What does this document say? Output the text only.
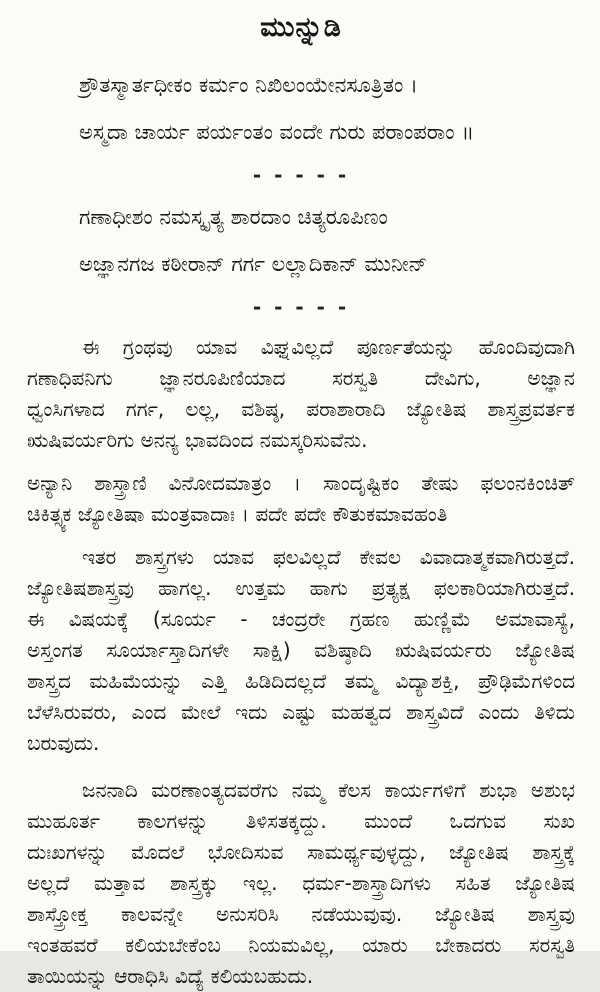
ಮುನ್ನುಡಿ
ಶ್ರೌತಸ್ಮಾರ್ತಧೀಕಂ ಕರ್ಮಂ ನಿಖಿಲಂಯೇನಸೂತ್ರಿತಂ ।
ಅಸ್ಮದಾ ಚಾರ್ಯ ಪರ್ಯಂತಂ ವಂದೇ ಗುರು ಪರಾಂಪರಾಂ ॥
- - - - -
ಗಣಾಧೀಶಂ ನಮಸ್ಕೃತ್ಯ ಶಾರದಾಂ ಚಿತ್ಯರೂಪಿಣಂ
ಅಜ್ಞಾನಗಜ ಕಠೀರಾನ್ ಗರ್ಗ ಲಲ್ಲಾದಿಕಾನ್ ಮುನೀನ್
- - - - -
ಈ ಗ್ರಂಥವು ಯಾವ ವಿಘ್ನವಿಲ್ಲದೆ ಪೂರ್ಣತೆಯನ್ನು ಹೊಂದಿವುದಾಗಿ
ಗಣಾಧಿಪನಿಗು ಜ್ಞಾನರೂಪಿಣಿಯಾದ ಸರಸ್ವತಿ ದೇವಿಗು, ಅಜ್ಞಾನ
ಧ್ವಂಸಿಗಳಾದ ಗರ್ಗ, ಲಲ್ಲ, ವಶಿಷ್ಠ, ಪರಾಶಾರಾದಿ ಜ್ಯೋತಿಷ ಶಾಸ್ತ್ರಪ್ರವರ್ತಕ
ಋಷಿವರ್ಯರಿಗು ಅನನ್ಯ ಭಾವದಿಂದ ನಮಸ್ಕರಿಸುವೆನು.
ಅನ್ಯಾನಿ ಶಾಸ್ತ್ರಾಣಿ ವಿನೋದಮಾತ್ರಂ । ಸಾಂದೃಷ್ಟಿಕಂ ತೇಷು ಫಲಂನಕಿಂಚಿತ್
ಚಿಕಿತ್ಸ್ಯಕ ಜ್ಯೋತಿಷಾ ಮಂತ್ರವಾದಾಃ । ಪದೇ ಪದೇ ಕೌತುಕಮಾವಹಂತಿ
ಇತರ ಶಾಸ್ತ್ರಗಳು ಯಾವ ಫಲವಿಲ್ಲದೆ ಕೇವಲ ವಿವಾದಾತ್ಮಕವಾಗಿರುತ್ತದೆ.
ಜ್ಯೋತಿಷಶಾಸ್ತ್ರವು ಹಾಗಲ್ಲ. ಉತ್ತಮ ಹಾಗು ಪ್ರತ್ಯಕ್ಷ ಫಲಕಾರಿಯಾಗಿರುತ್ತದೆ.
ಈ ವಿಷಯಕ್ಕೆ (ಸೂರ್ಯ - ಚಂದ್ರರೇ ಗ್ರಹಣ ಹುಣ್ಣಿಮೆ ಅಮಾವಾಸ್ಯೆ,
ಅಸ್ತಂಗತ ಸೂರ್ಯಾಸ್ತಾದಿಗಳೇ ಸಾಕ್ಷಿ) ವಶಿಷ್ಠಾದಿ ಋಷಿವರ್ಯರು ಜ್ಯೋತಿಷ
ಶಾಸ್ತ್ರದ ಮಹಿಮೆಯನ್ನು ಎತ್ತಿ ಹಿಡಿದಿದಲ್ಲದೆ ತಮ್ಮ ವಿದ್ಯಾಶಕ್ತಿ, ಪ್ರೌಢಿಮೆಗಳಿಂದ
ಬೆಳೆಸಿರುವರು, ಎಂದ ಮೇಲೆ ಇದು ಎಷ್ಟು ಮಹತ್ವದ ಶಾಸ್ತ್ರವಿದೆ ಎಂದು ತಿಳಿದು
ಬರುವುದು.
ಜನನಾದಿ ಮರಣಾಂತ್ಯದವರೆಗು ನಮ್ಮ ಕೆಲಸ ಕಾರ್ಯಗಳಿಗೆ ಶುಭಾ ಅಶುಭ
ಮುಹೂರ್ತ ಕಾಲಗಳನ್ನು ತಿಳಿಸತಕ್ಕದ್ದು. ಮುಂದೆ ಒದಗುವ ಸುಖ
ದುಃಖಗಳನ್ನು ಮೊದಲೆ ಭೋದಿಸುವ ಸಾಮರ್ಥ್ಯವುಳ್ಳದ್ದು, ಜ್ಯೋತಿಷ ಶಾಸ್ತ್ರಕ್ಕೆ
ಅಲ್ಲದೆ ಮತ್ತಾವ ಶಾಸ್ತ್ರಕ್ಕು ಇಲ್ಲ. ಧರ್ಮ-ಶಾಸ್ತ್ರಾದಿಗಳು ಸಹಿತ ಜ್ಯೋತಿಷ
ಶಾಸ್ತ್ರೋಕ್ತ ಕಾಲವನ್ನೇ ಅನುಸರಿಸಿ ನಡೆಯುವುವು. ಜ್ಯೋತಿಷ ಶಾಸ್ತ್ರವು
ಇಂತಹವರೆ ಕಲಿಯಬೇಕೆಂಬ ನಿಯಮವಿಲ್ಲ, ಯಾರು ಬೇಕಾದರು ಸರಸ್ವತಿ
ತಾಯಿಯನ್ನು ಆರಾಧಿಸಿ ವಿದ್ಯೆ ಕಲಿಯಬಹುದು.
